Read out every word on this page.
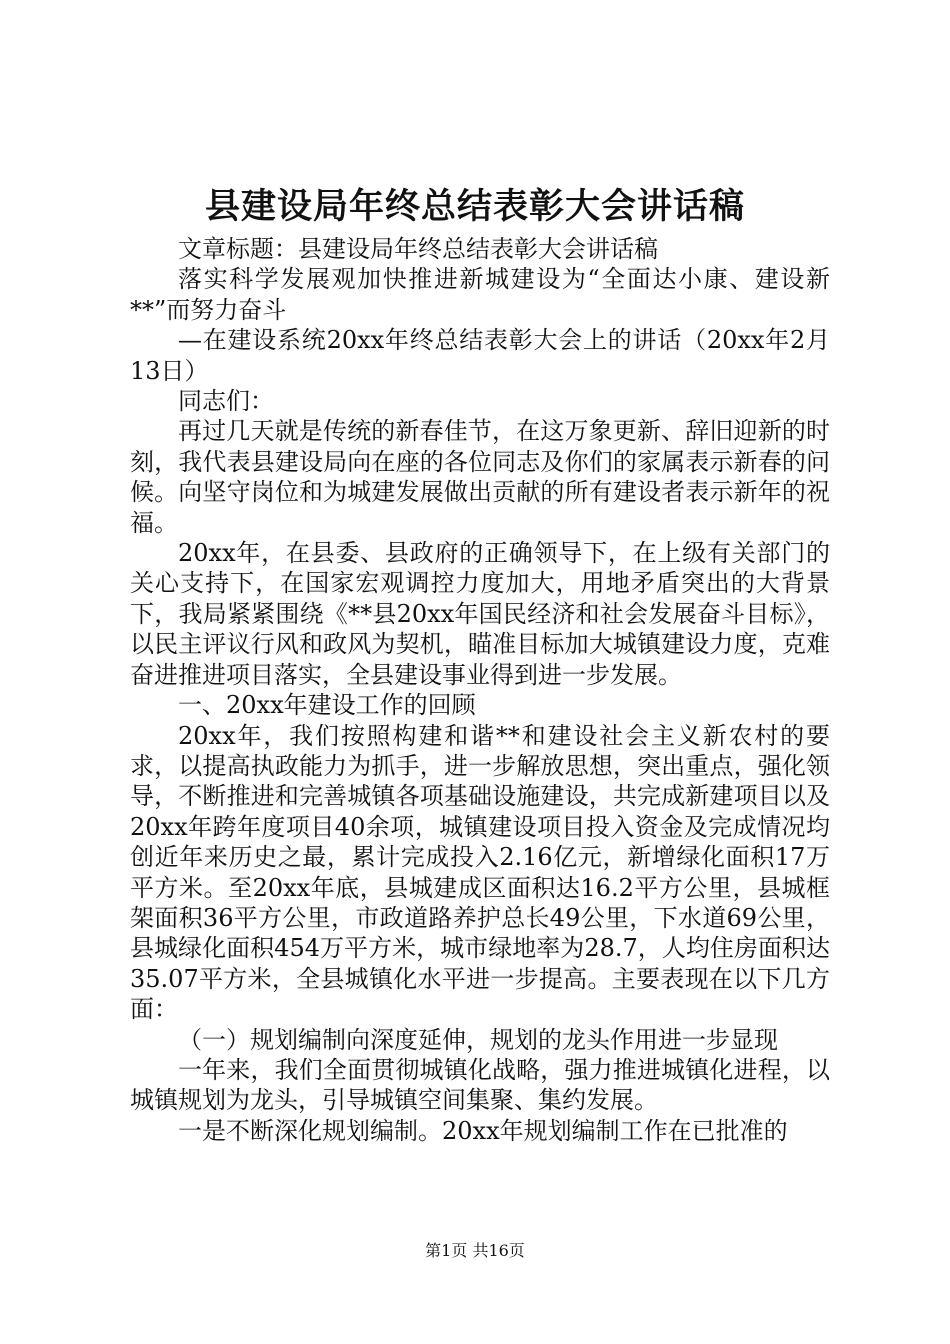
县建设局年终总结表彰大会讲话稿

文章标题：县建设局年终总结表彰大会讲话稿

落实科学发展观加快推进新城建设为“全面达小康、建设新**”而努力奋斗

—在建设系统20xx年终总结表彰大会上的讲话（20xx年2月13日）

同志们：

再过几天就是传统的新春佳节，在这万象更新、辞旧迎新的时刻，我代表县建设局向在座的各位同志及你们的家属表示新春的问候。向坚守岗位和为城建发展做出贡献的所有建设者表示新年的祝福。

20xx年，在县委、县政府的正确领导下，在上级有关部门的关心支持下，在国家宏观调控力度加大，用地矛盾突出的大背景下，我局紧紧围绕《**县20xx年国民经济和社会发展奋斗目标》，以民主评议行风和政风为契机，瞄准目标加大城镇建设力度，克难奋进推进项目落实，全县建设事业得到进一步发展。

一、20xx年建设工作的回顾

20xx年，我们按照构建和谐**和建设社会主义新农村的要求，以提高执政能力为抓手，进一步解放思想，突出重点，强化领导，不断推进和完善城镇各项基础设施建设，共完成新建项目以及20xx年跨年度项目40余项，城镇建设项目投入资金及完成情况均创近年来历史之最，累计完成投入2.16亿元，新增绿化面积17万平方米。至20xx年底，县城建成区面积达16.2平方公里，县城框架面积36平方公里，市政道路养护总长49公里，下水道69公里，县城绿化面积454万平方米，城市绿地率为28.7，人均住房面积达35.07平方米，全县城镇化水平进一步提高。主要表现在以下几方面：

（一）规划编制向深度延伸，规划的龙头作用进一步显现

一年来，我们全面贯彻城镇化战略，强力推进城镇化进程，以城镇规划为龙头，引导城镇空间集聚、集约发展。

一是不断深化规划编制。20xx年规划编制工作在已批准的

第1页 共16页
